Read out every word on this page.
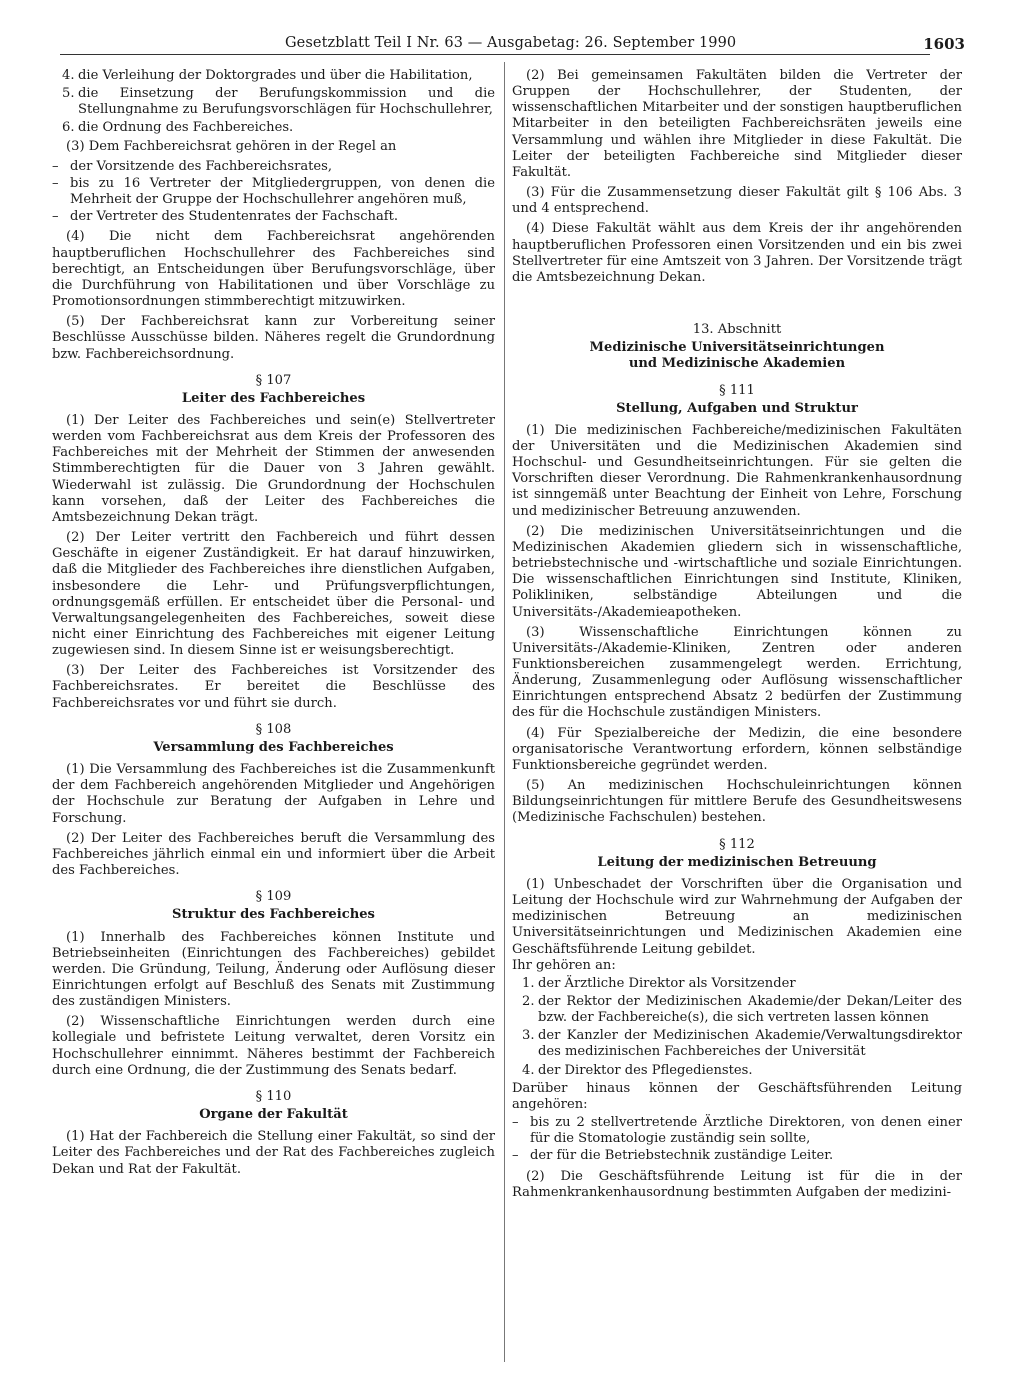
Gesetzblatt Teil I Nr. 63 — Ausgabetag: 26. September 1990	1603
4. die Verleihung der Doktorgrades und über die Habilitation,
5. die Einsetzung der Berufungskommission und die Stellungnahme zu Berufungsvorschlägen für Hochschullehrer,
6. die Ordnung des Fachbereiches.

(3) Dem Fachbereichsrat gehören in der Regel an

– der Vorsitzende des Fachbereichsrates,
– bis zu 16 Vertreter der Mitgliedergruppen, von denen die Mehrheit der Gruppe der Hochschullehrer angehören muß,
– der Vertreter des Studentenrates der Fachschaft.

(4) Die nicht dem Fachbereichsrat angehörenden hauptberuflichen Hochschullehrer des Fachbereiches sind berechtigt, an Entscheidungen über Berufungsvorschläge, über die Durchführung von Habilitationen und über Vorschläge zu Promotionsordnungen stimmberechtigt mitzuwirken.

(5) Der Fachbereichsrat kann zur Vorbereitung seiner Beschlüsse Ausschüsse bilden. Näheres regelt die Grundordnung bzw. Fachbereichsordnung.

§ 107
Leiter des Fachbereiches

(1) Der Leiter des Fachbereiches und sein(e) Stellvertreter werden vom Fachbereichsrat aus dem Kreis der Professoren des Fachbereiches mit der Mehrheit der Stimmen der anwesenden Stimmberechtigten für die Dauer von 3 Jahren gewählt. Wiederwahl ist zulässig. Die Grundordnung der Hochschulen kann vorsehen, daß der Leiter des Fachbereiches die Amtsbezeichnung Dekan trägt.

(2) Der Leiter vertritt den Fachbereich und führt dessen Geschäfte in eigener Zuständigkeit. Er hat darauf hinzuwirken, daß die Mitglieder des Fachbereiches ihre dienstlichen Aufgaben, insbesondere die Lehr- und Prüfungsverpflichtungen, ordnungsgemäß erfüllen. Er entscheidet über die Personal- und Verwaltungsangelegenheiten des Fachbereiches, soweit diese nicht einer Einrichtung des Fachbereiches mit eigener Leitung zugewiesen sind. In diesem Sinne ist er weisungsberechtigt.

(3) Der Leiter des Fachbereiches ist Vorsitzender des Fachbereichsrates. Er bereitet die Beschlüsse des Fachbereichsrates vor und führt sie durch.

§ 108
Versammlung des Fachbereiches

(1) Die Versammlung des Fachbereiches ist die Zusammenkunft der dem Fachbereich angehörenden Mitglieder und Angehörigen der Hochschule zur Beratung der Aufgaben in Lehre und Forschung.

(2) Der Leiter des Fachbereiches beruft die Versammlung des Fachbereiches jährlich einmal ein und informiert über die Arbeit des Fachbereiches.

§ 109
Struktur des Fachbereiches

(1) Innerhalb des Fachbereiches können Institute und Betriebseinheiten (Einrichtungen des Fachbereiches) gebildet werden. Die Gründung, Teilung, Änderung oder Auflösung dieser Einrichtungen erfolgt auf Beschluß des Senats mit Zustimmung des zuständigen Ministers.

(2) Wissenschaftliche Einrichtungen werden durch eine kollegiale und befristete Leitung verwaltet, deren Vorsitz ein Hochschullehrer einnimmt. Näheres bestimmt der Fachbereich durch eine Ordnung, die der Zustimmung des Senats bedarf.

§ 110
Organe der Fakultät

(1) Hat der Fachbereich die Stellung einer Fakultät, so sind der Leiter des Fachbereiches und der Rat des Fachbereiches zugleich Dekan und Rat der Fakultät.

(2) Bei gemeinsamen Fakultäten bilden die Vertreter der Gruppen der Hochschullehrer, der Studenten, der wissenschaftlichen Mitarbeiter und der sonstigen hauptberuflichen Mitarbeiter in den beteiligten Fachbereichsräten jeweils eine Versammlung und wählen ihre Mitglieder in diese Fakultät. Die Leiter der beteiligten Fachbereiche sind Mitglieder dieser Fakultät.

(3) Für die Zusammensetzung dieser Fakultät gilt § 106 Abs. 3 und 4 entsprechend.

(4) Diese Fakultät wählt aus dem Kreis der ihr angehörenden hauptberuflichen Professoren einen Vorsitzenden und ein bis zwei Stellvertreter für eine Amtszeit von 3 Jahren. Der Vorsitzende trägt die Amtsbezeichnung Dekan.

13. Abschnitt
Medizinische Universitätseinrichtungen
und Medizinische Akademien
§ 111
Stellung, Aufgaben und Struktur

(1) Die medizinischen Fachbereiche/medizinischen Fakultäten der Universitäten und die Medizinischen Akademien sind Hochschul- und Gesundheitseinrichtungen. Für sie gelten die Vorschriften dieser Verordnung. Die Rahmenkrankenhausordnung ist sinngemäß unter Beachtung der Einheit von Lehre, Forschung und medizinischer Betreuung anzuwenden.

(2) Die medizinischen Universitätseinrichtungen und die Medizinischen Akademien gliedern sich in wissenschaftliche, betriebstechnische und -wirtschaftliche und soziale Einrichtungen. Die wissenschaftlichen Einrichtungen sind Institute, Kliniken, Polikliniken, selbständige Abteilungen und die Universitäts-/Akademieapotheken.

(3) Wissenschaftliche Einrichtungen können zu Universitäts-/Akademie-Kliniken, Zentren oder anderen Funktionsbereichen zusammengelegt werden. Errichtung, Änderung, Zusammenlegung oder Auflösung wissenschaftlicher Einrichtungen entsprechend Absatz 2 bedürfen der Zustimmung des für die Hochschule zuständigen Ministers.

(4) Für Spezialbereiche der Medizin, die eine besondere organisatorische Verantwortung erfordern, können selbständige Funktionsbereiche gegründet werden.

(5) An medizinischen Hochschuleinrichtungen können Bildungseinrichtungen für mittlere Berufe des Gesundheitswesens (Medizinische Fachschulen) bestehen.

§ 112
Leitung der medizinischen Betreuung

(1) Unbeschadet der Vorschriften über die Organisation und Leitung der Hochschule wird zur Wahrnehmung der Aufgaben der medizinischen Betreuung an medizinischen Universitätseinrichtungen und Medizinischen Akademien eine Geschäftsführende Leitung gebildet.

Ihr gehören an:

1. der Ärztliche Direktor als Vorsitzender
2. der Rektor der Medizinischen Akademie/der Dekan/Leiter des bzw. der Fachbereiche(s), die sich vertreten lassen können
3. der Kanzler der Medizinischen Akademie/Verwaltungsdirektor des medizinischen Fachbereiches der Universität
4. der Direktor des Pflegedienstes.

Darüber hinaus können der Geschäftsführenden Leitung angehören:

– bis zu 2 stellvertretende Ärztliche Direktoren, von denen einer für die Stomatologie zuständig sein sollte,
– der für die Betriebstechnik zuständige Leiter.

(2) Die Geschäftsführende Leitung ist für die in der Rahmenkrankenhausordnung bestimmten Aufgaben der medizini-
